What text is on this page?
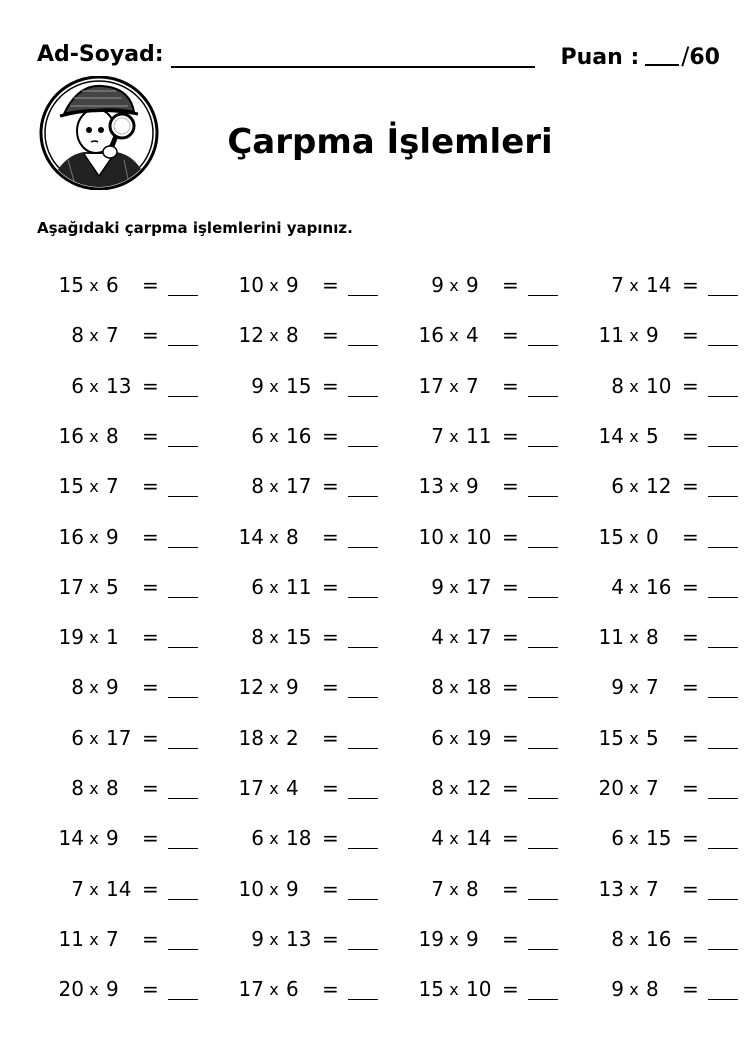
Ad-Soyad:	Puan : /60
Çarpma İşlemleri
Aşağıdaki çarpma işlemlerini yapınız.
15 x 6 =	10 x 9 =	9 x 9 =	7 x 14 =
8 x 7 =	12 x 8 =	16 x 4 =	11 x 9 =
6 x 13 =	9 x 15 =	17 x 7 =	8 x 10 =
16 x 8 =	6 x 16 =	7 x 11 =	14 x 5 =
15 x 7 =	8 x 17 =	13 x 9 =	6 x 12 =
16 x 9 =	14 x 8 =	10 x 10 =	15 x 0 =
17 x 5 =	6 x 11 =	9 x 17 =	4 x 16 =
19 x 1 =	8 x 15 =	4 x 17 =	11 x 8 =
8 x 9 =	12 x 9 =	8 x 18 =	9 x 7 =
6 x 17 =	18 x 2 =	6 x 19 =	15 x 5 =
8 x 8 =	17 x 4 =	8 x 12 =	20 x 7 =
14 x 9 =	6 x 18 =	4 x 14 =	6 x 15 =
7 x 14 =	10 x 9 =	7 x 8 =	13 x 7 =
11 x 7 =	9 x 13 =	19 x 9 =	8 x 16 =
20 x 9 =	17 x 6 =	15 x 10 =	9 x 8 =
